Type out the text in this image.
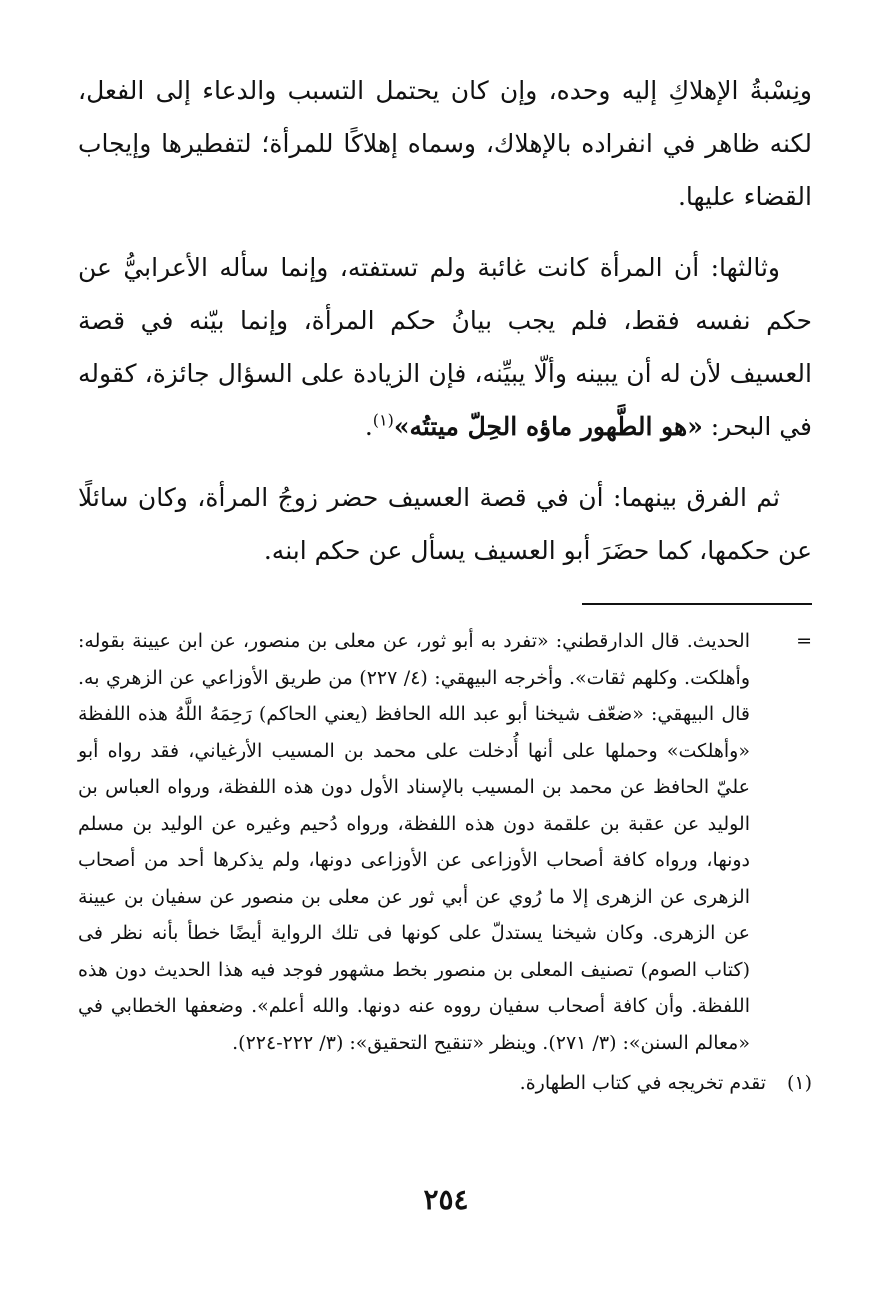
ونِسْبةُ الإهلاكِ إليه وحده، وإن كان يحتمل التسبب والدعاء إلى الفعل، لكنه ظاهر في انفراده بالإهلاك، وسماه إهلاكًا للمرأة؛ لتفطيرها وإيجاب القضاء عليها.

وثالثها: أن المرأة كانت غائبة ولم تستفته، وإنما سأله الأعرابيُّ عن حكم نفسه فقط، فلم يجب بيانُ حكم المرأة، وإنما بيّنه في قصة العسيف لأن له أن يبينه وألّا يبيِّنه، فإن الزيادة على السؤال جائزة، كقوله في البحر: «هو الطَّهور ماؤه الحِلّ ميتتُه»$^{(١)}$.

ثم الفرق بينهما: أن في قصة العسيف حضر زوجُ المرأة، وكان سائلًا عن حكمها، كما حضَرَ أبو العسيف يسأل عن حكم ابنه.

=
الحديث. قال الدارقطني: «تفرد به أبو ثور، عن معلى بن منصور، عن ابن عيينة بقوله: وأهلكت. وكلهم ثقات». وأخرجه البيهقي: (٤/ ٢٢٧) من طريق الأوزاعي عن الزهري به. قال البيهقي: «ضعّف شيخنا أبو عبد الله الحافظ (يعني الحاكم) رَحِمَهُ اللَّهُ هذه اللفظة «وأهلكت» وحملها على أنها أُدخلت على محمد بن المسيب الأرغياني، فقد رواه أبو عليّ الحافظ عن محمد بن المسيب بالإسناد الأول دون هذه اللفظة، ورواه العباس بن الوليد عن عقبة بن علقمة دون هذه اللفظة، ورواه دُحيم وغيره عن الوليد بن مسلم دونها، ورواه كافة أصحاب الأوزاعى عن الأوزاعى دونها، ولم يذكرها أحد من أصحاب الزهرى عن الزهرى إلا ما رُوي عن أبي ثور عن معلى بن منصور عن سفيان بن عيينة عن الزهرى. وكان شيخنا يستدلّ على كونها فى تلك الرواية أيضًا خطأ بأنه نظر فى (كتاب الصوم) تصنيف المعلى بن منصور بخط مشهور فوجد فيه هذا الحديث دون هذه اللفظة. وأن كافة أصحاب سفيان رووه عنه دونها. والله أعلم». وضعفها الخطابي في «معالم السنن»: (٣/ ٢٧١). وينظر «تنقيح التحقيق»: (٣/ ٢٢٢-٢٢٤).
(١)
تقدم تخريجه في كتاب الطهارة.
٢٥٤
